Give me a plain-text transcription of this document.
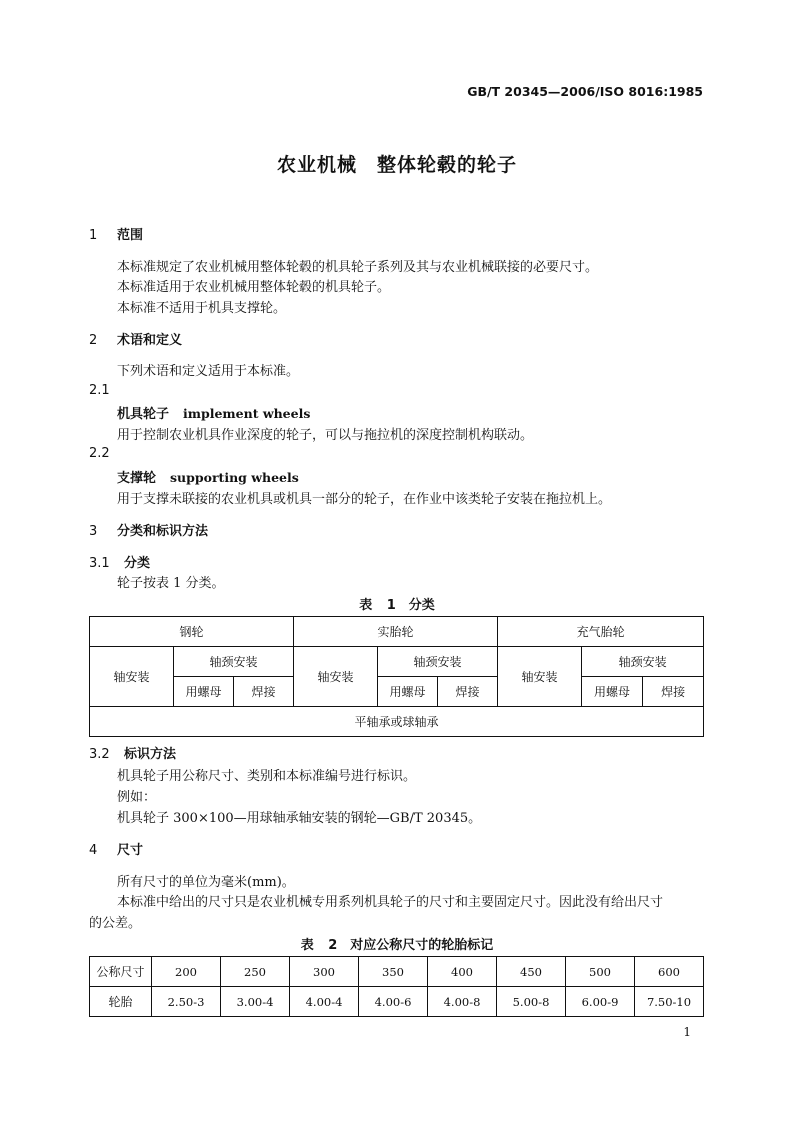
GB/T 20345—2006/ISO 8016:1985
农业机械　整体轮毂的轮子
1 范围
本标准规定了农业机械用整体轮毂的机具轮子系列及其与农业机械联接的必要尺寸。
本标准适用于农业机械用整体轮毂的机具轮子。
本标准不适用于机具支撑轮。
2 术语和定义
下列术语和定义适用于本标准。
2.1
机具轮子 implement wheels
用于控制农业机具作业深度的轮子，可以与拖拉机的深度控制机构联动。
2.2
支撑轮 supporting wheels
用于支撑未联接的农业机具或机具一部分的轮子，在作业中该类轮子安装在拖拉机上。
3 分类和标识方法
3.1 分类
轮子按表 1 分类。
表 1　分类
钢轮			实胎轮			充气胎轮		
轴安装	轴颈安装		轴安装	轴颈安装		轴安装	轴颈安装	
	用螺母	焊接		用螺母	焊接		用螺母	焊接
平轴承或球轴承								
3.2 标识方法
机具轮子用公称尺寸、类别和本标准编号进行标识。
例如：
机具轮子 300×100—用球轴承轴安装的钢轮—GB/T 20345。
4 尺寸
所有尺寸的单位为毫米(mm)。
本标准中给出的尺寸只是农业机械专用系列机具轮子的尺寸和主要固定尺寸。因此没有给出尺寸
的公差。
表 2　对应公称尺寸的轮胎标记
公称尺寸	200	250	300	350	400	450	500	600
轮胎	2.50-3	3.00-4	4.00-4	4.00-6	4.00-8	5.00-8	6.00-9	7.50-10
1
